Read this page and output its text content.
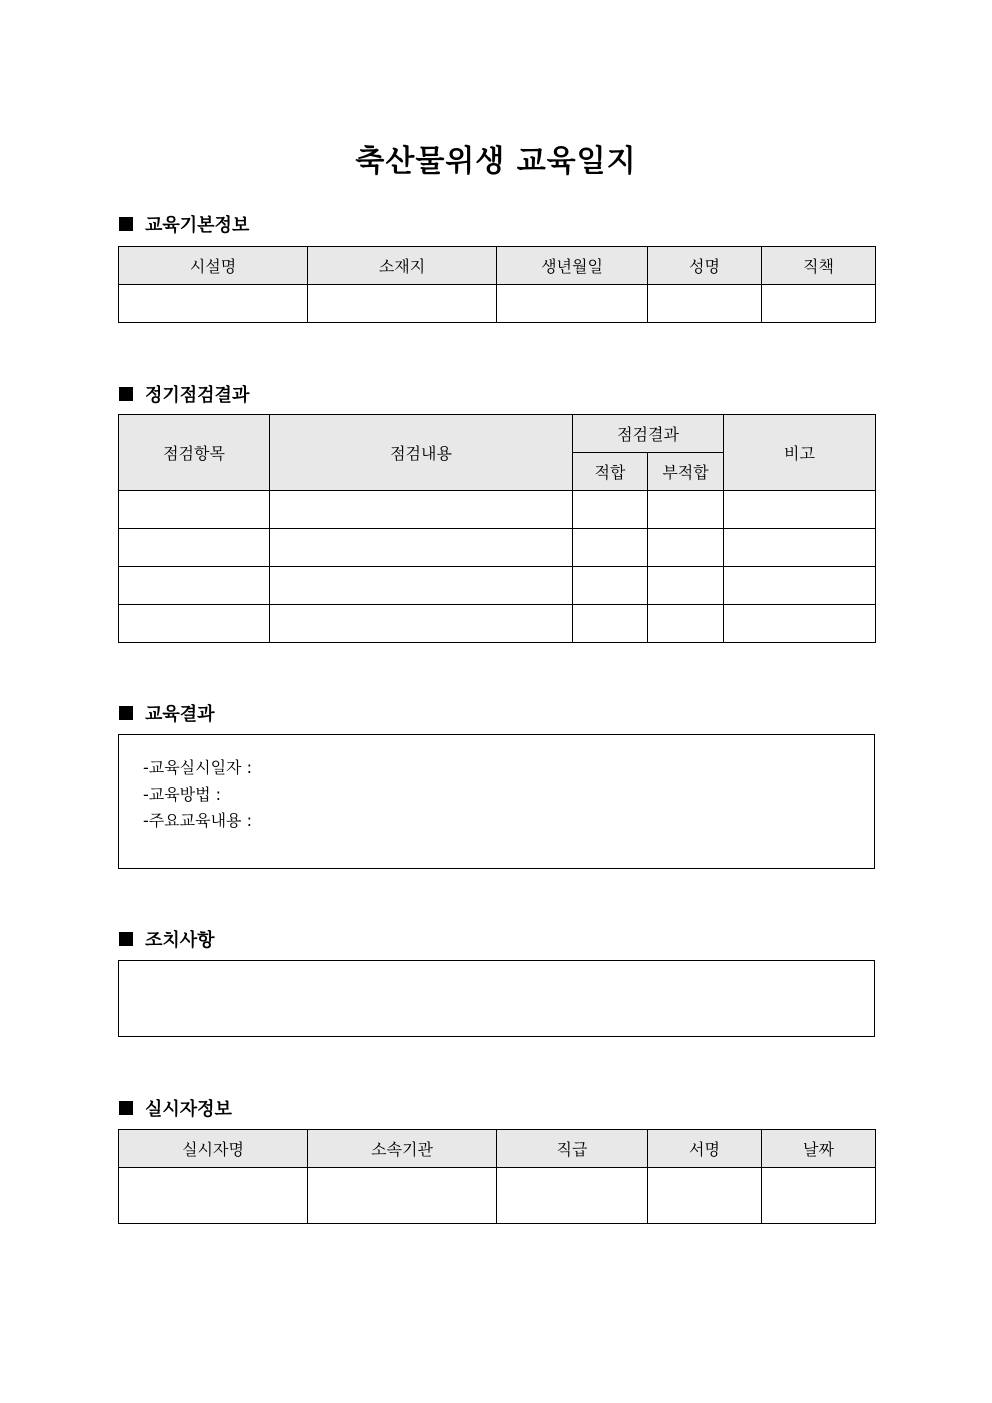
축산물위생 교육일지
교육기본정보
시설명	소재지	생년월일	성명	직책

정기점검결과
점검항목	점검내용	점검결과		비고
		적합	부적합	

교육결과
-교육실시일자 :
-교육방법 :
-주요교육내용 :
조치사항
실시자정보
실시자명	소속기관	직급	서명	날짜
